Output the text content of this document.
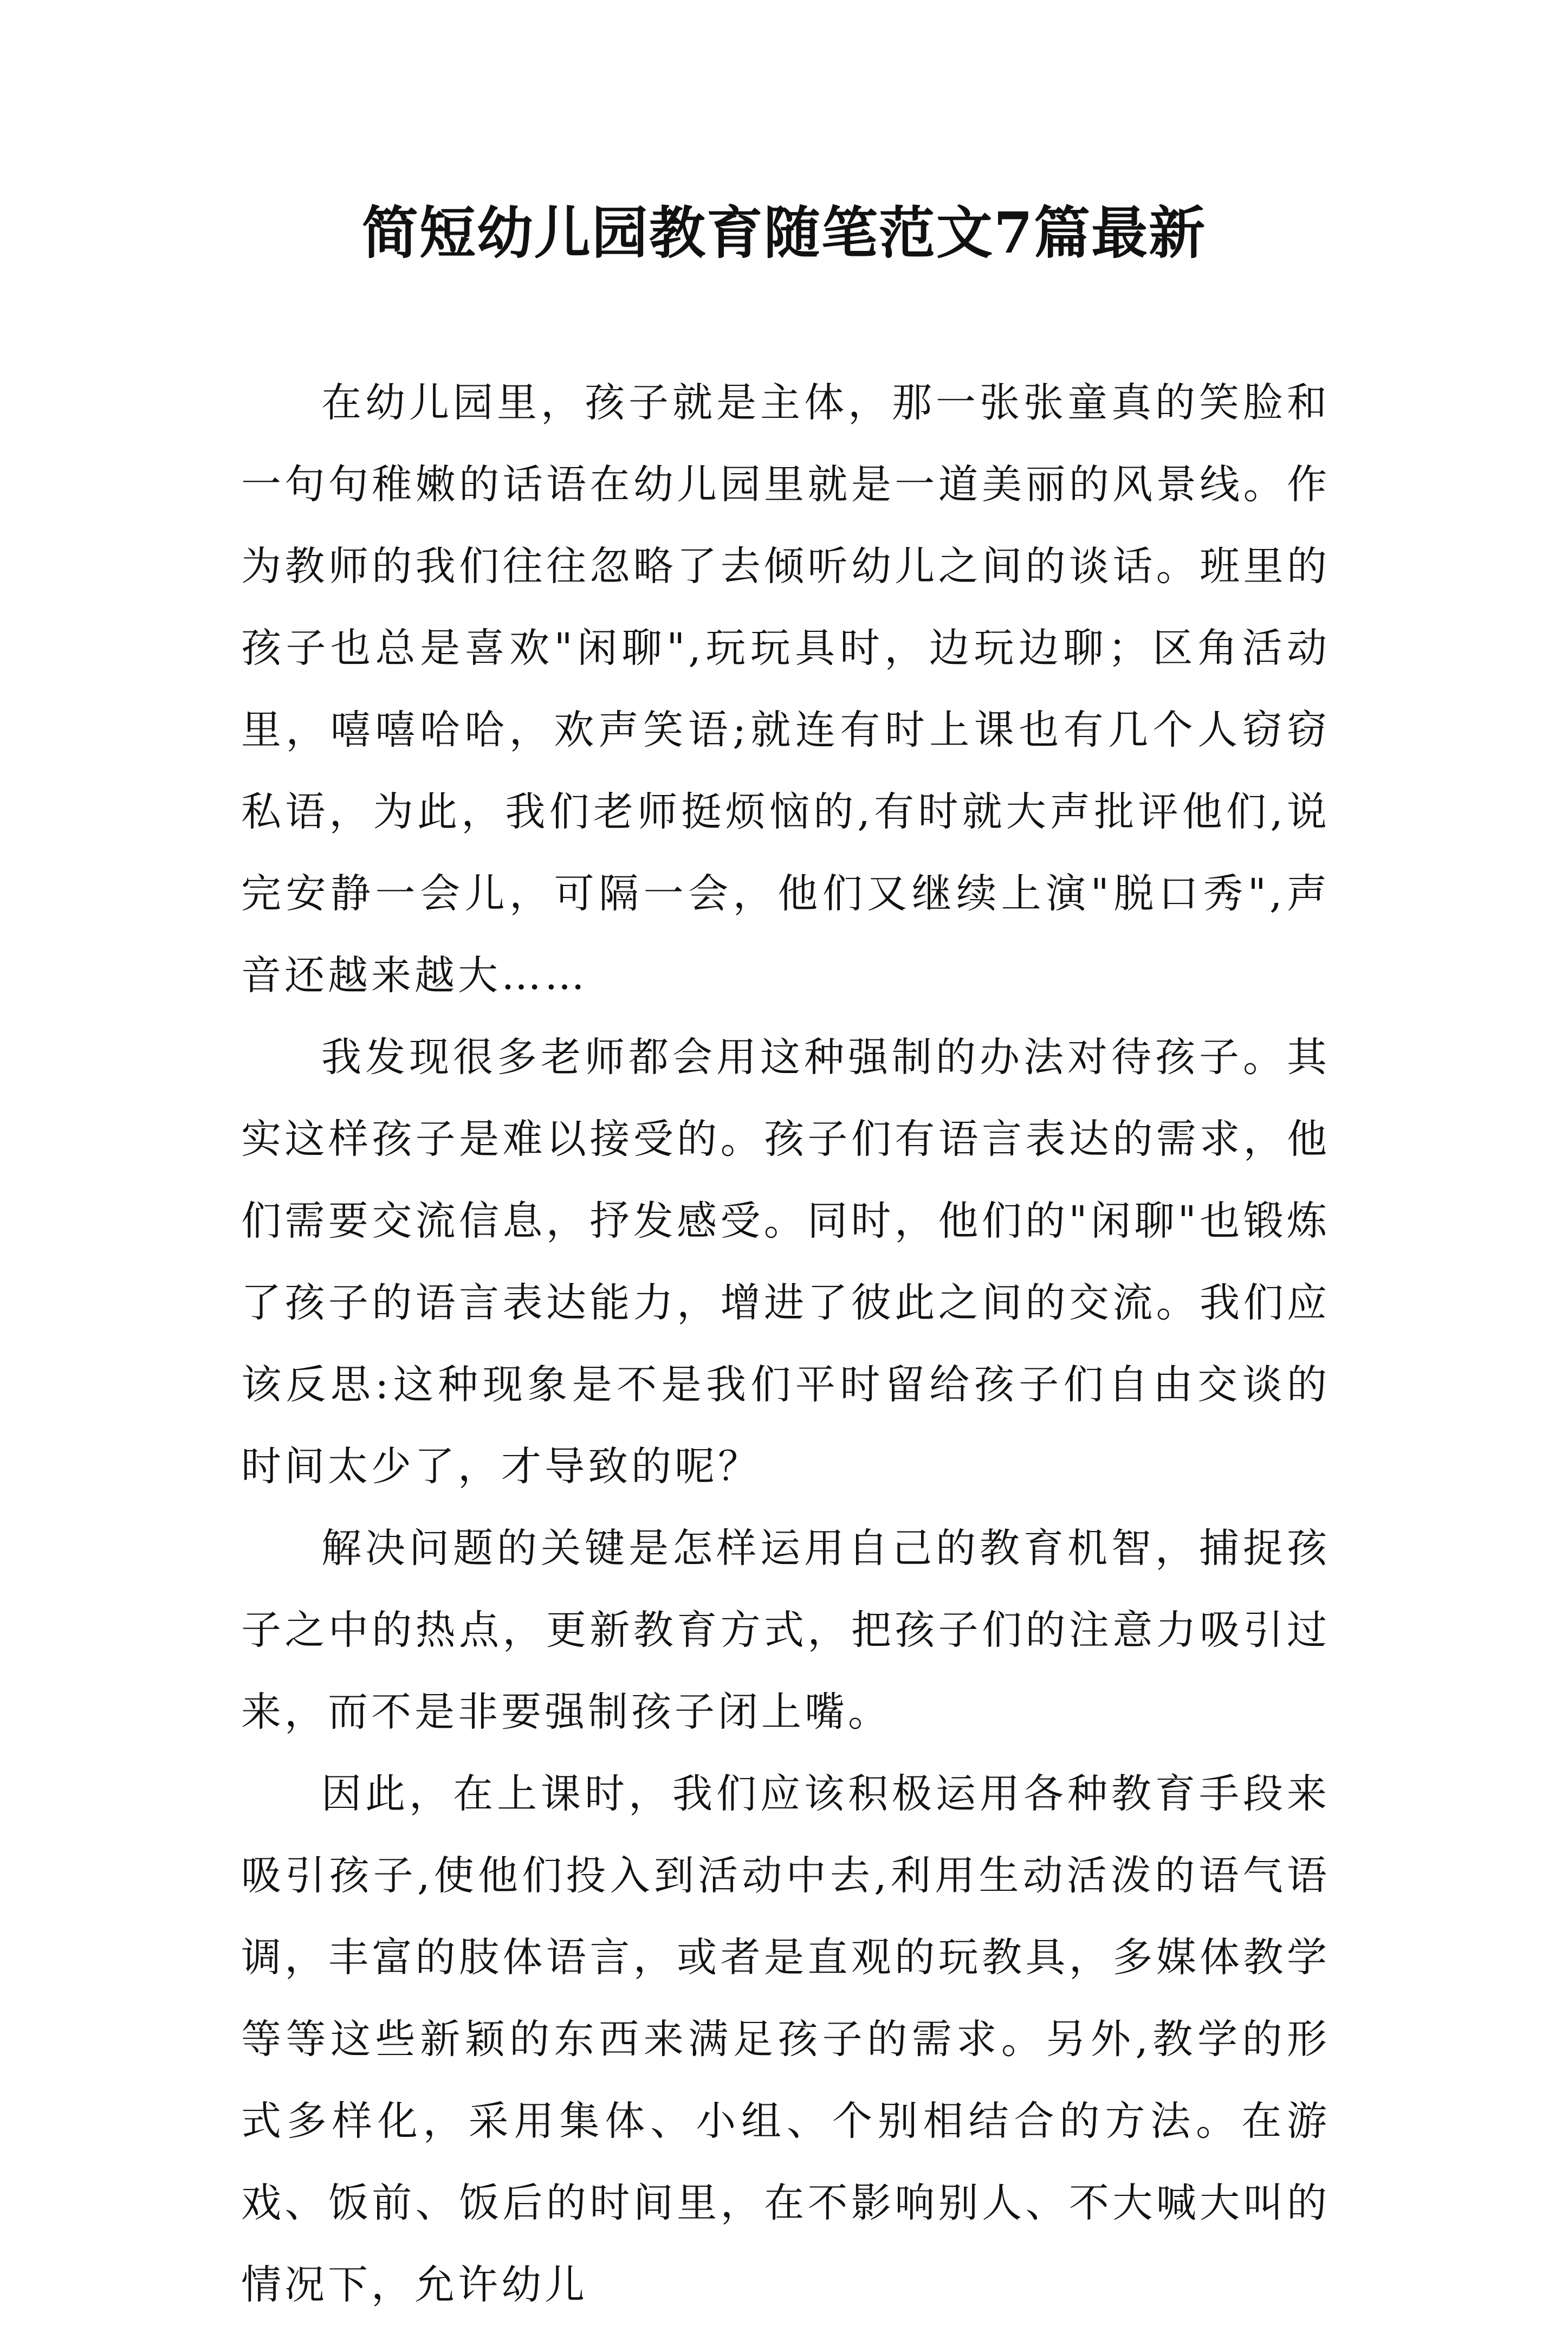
简短幼儿园教育随笔范文7篇最新

在幼儿园里，孩子就是主体，那一张张童真的笑脸和一句句稚嫩的话语在幼儿园里就是一道美丽的风景线。作为教师的我们往往忽略了去倾听幼儿之间的谈话。班里的孩子也总是喜欢"闲聊",玩玩具时，边玩边聊；区角活动里，嘻嘻哈哈，欢声笑语;就连有时上课也有几个人窃窃私语，为此，我们老师挺烦恼的,有时就大声批评他们,说完安静一会儿，可隔一会，他们又继续上演"脱口秀",声音还越来越大……

我发现很多老师都会用这种强制的办法对待孩子。其实这样孩子是难以接受的。孩子们有语言表达的需求，他们需要交流信息，抒发感受。同时，他们的"闲聊"也锻炼了孩子的语言表达能力，增进了彼此之间的交流。我们应该反思:这种现象是不是我们平时留给孩子们自由交谈的时间太少了，才导致的呢？

解决问题的关键是怎样运用自己的教育机智，捕捉孩子之中的热点，更新教育方式，把孩子们的注意力吸引过来，而不是非要强制孩子闭上嘴。

因此，在上课时，我们应该积极运用各种教育手段来吸引孩子,使他们投入到活动中去,利用生动活泼的语气语调，丰富的肢体语言，或者是直观的玩教具，多媒体教学等等这些新颖的东西来满足孩子的需求。另外,教学的形式多样化，采用集体、小组、个别相结合的方法。在游戏、饭前、饭后的时间里，在不影响别人、不大喊大叫的情况下，允许幼儿
